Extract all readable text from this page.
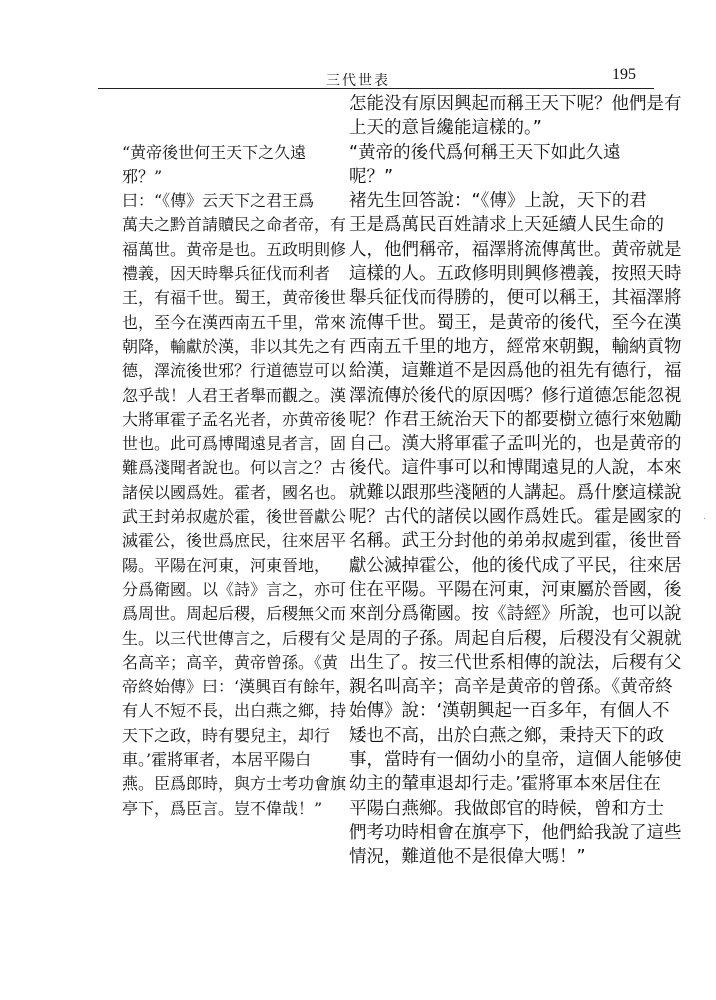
三代世表	195
“黄帝後世何王天下之久遠
邪？”
曰：“《傳》云天下之君王爲
萬夫之黔首請贖民之命者帝，有
福萬世。黄帝是也。五政明則修
禮義，因天時舉兵征伐而利者
王，有福千世。蜀王，黄帝後世
也，至今在漢西南五千里，常來
朝降，輸獻於漢，非以其先之有
德，澤流後世邪？行道德豈可以
忽乎哉！人君王者舉而觀之。漢
大將軍霍子孟名光者，亦黄帝後
世也。此可爲博聞遠見者言，固
難爲淺聞者說也。何以言之？古
諸侯以國爲姓。霍者，國名也。
武王封弟叔處於霍，後世晉獻公
滅霍公，後世爲庶民，往來居平
陽。平陽在河東，河東晉地，
分爲衛國。以《詩》言之，亦可
爲周世。周起后稷，后稷無父而
生。以三代世傳言之，后稷有父
名高辛；高辛，黄帝曾孫。《黄
帝終始傳》曰：‘漢興百有餘年，
有人不短不長，出白燕之鄉，持
天下之政，時有嬰兒主，却行
車。’霍將軍者，本居平陽白
燕。臣爲郎時，與方士考功會旗
亭下，爲臣言。豈不偉哉！”
怎能没有原因興起而稱王天下呢？他們是有
上天的意旨纔能這樣的。”
“黄帝的後代爲何稱王天下如此久遠
呢？”
褚先生回答說：“《傳》上說，天下的君
王是爲萬民百姓請求上天延續人民生命的
人，他們稱帝，福澤將流傳萬世。黄帝就是
這樣的人。五政修明則興修禮義，按照天時
舉兵征伐而得勝的，便可以稱王，其福澤將
流傳千世。蜀王，是黄帝的後代，至今在漢
西南五千里的地方，經常來朝覲，輸納貢物
給漢，這難道不是因爲他的祖先有德行，福
澤流傳於後代的原因嗎？修行道德怎能忽視
呢？作君王統治天下的都要樹立德行來勉勵
自己。漢大將軍霍子孟叫光的，也是黄帝的
後代。這件事可以和博聞遠見的人說，本來
就難以跟那些淺陋的人講起。爲什麼這樣說
呢？古代的諸侯以國作爲姓氏。霍是國家的
名稱。武王分封他的弟弟叔處到霍，後世晉
獻公滅掉霍公，他的後代成了平民，往來居
住在平陽。平陽在河東，河東屬於晉國，後
來剖分爲衛國。按《詩經》所說，也可以說
是周的子孫。周起自后稷，后稷没有父親就
出生了。按三代世系相傳的說法，后稷有父
親名叫高辛；高辛是黄帝的曾孫。《黄帝終
始傳》說：‘漢朝興起一百多年，有個人不
矮也不高，出於白燕之鄉，秉持天下的政
事，當時有一個幼小的皇帝，這個人能够使
幼主的輦車退却行走。’霍將軍本來居住在
平陽白燕鄉。我做郎官的時候，曾和方士
們考功時相會在旗亭下，他們給我說了這些
情況，難道他不是很偉大嗎！”
·
